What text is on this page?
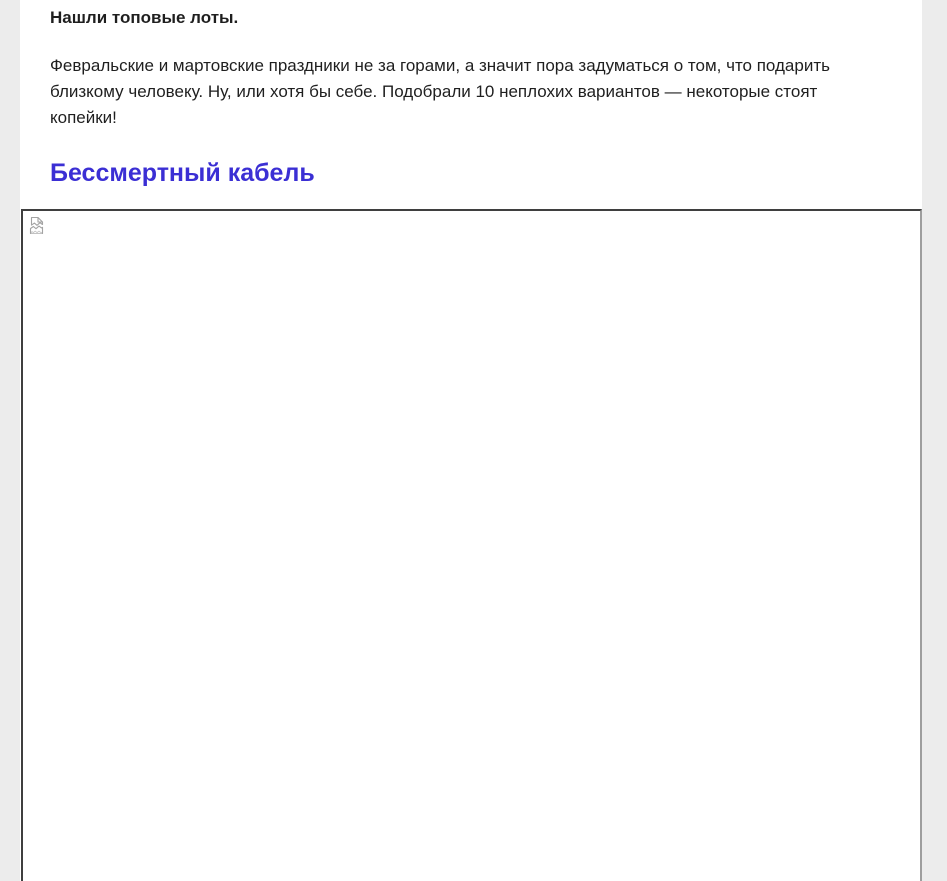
Нашли топовые лоты.

Февральские и мартовские праздники не за горами, а значит пора задуматься о том, что подарить близкому человеку. Ну, или хотя бы себе. Подобрали 10 неплохих вариантов — некоторые стоят копейки!

Бессмертный кабель
